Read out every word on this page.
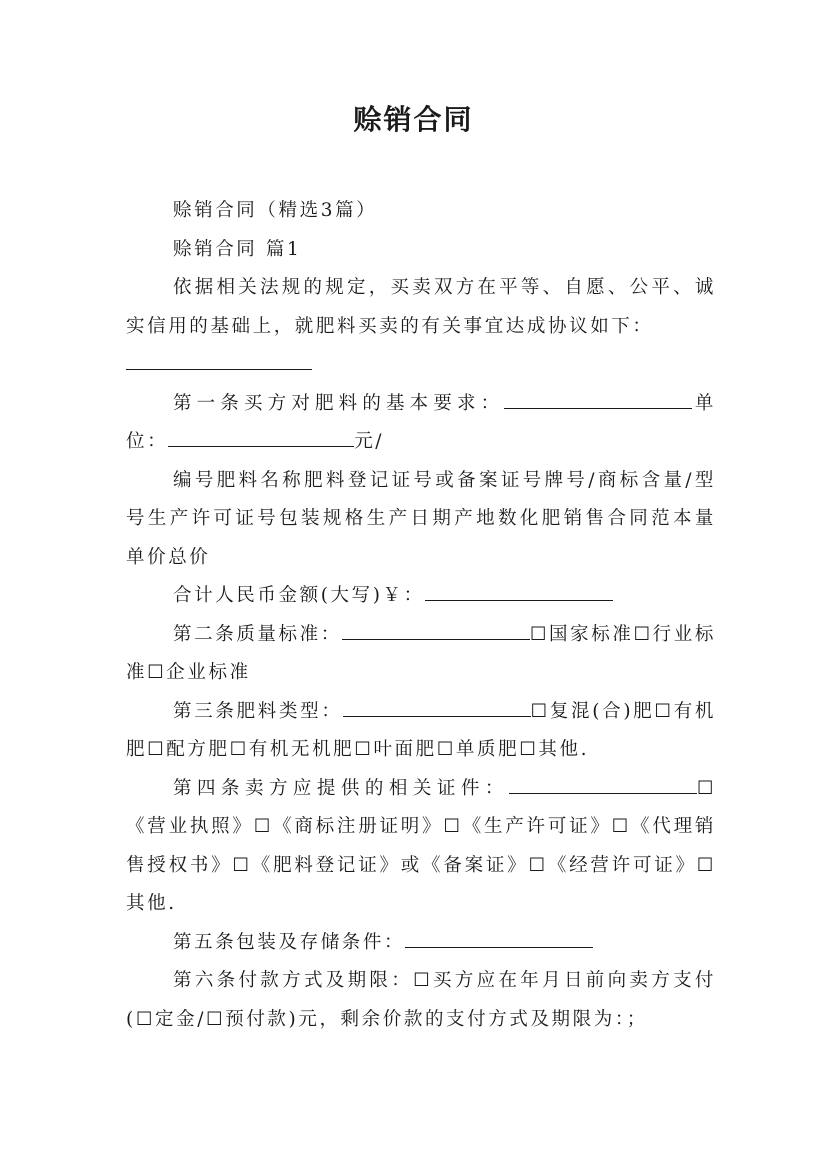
赊销合同

赊销合同（精选3篇）

赊销合同 篇1

依据相关法规的规定，买卖双方在平等、自愿、公平、诚实信用的基础上，就肥料买卖的有关事宜达成协议如下：

第一条买方对肥料的基本要求：	单位：	元/

编号肥料名称肥料登记证号或备案证号牌号/商标含量/型号生产许可证号包装规格生产日期产地数化肥销售合同范本量单价总价

合计人民币金额(大写)￥：

第二条质量标准：	☐国家标准☐行业标准☐企业标准

第三条肥料类型：	☐复混(合)肥☐有机肥☐配方肥☐有机无机肥☐叶面肥☐单质肥☐其他.

第四条卖方应提供的相关证件：	☐《营业执照》☐《商标注册证明》☐《生产许可证》☐《代理销售授权书》☐《肥料登记证》或《备案证》☐《经营许可证》☐其他.

第五条包装及存储条件：

第六条付款方式及期限：☐买方应在年月日前向卖方支付(☐定金/☐预付款)元，剩余价款的支付方式及期限为：；
